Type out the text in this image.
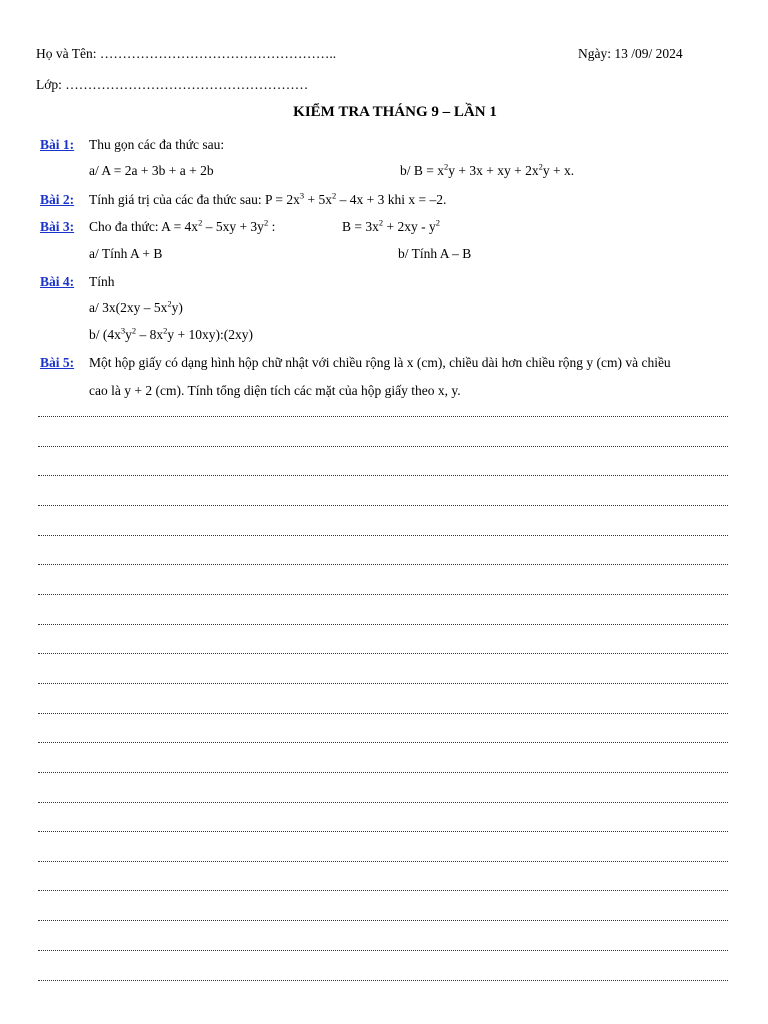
Họ và Tên: ……………………………………………..	Ngày: 13 /09/ 2024
Lớp: ………………………………………………
KIỂM TRA THÁNG 9 – LẦN 1
Bài 1: Thu gọn các đa thức sau:
a/ A = 2a + 3b + a + 2b	b/ $B = x^2y + 3x$ + xy + $2x^2y + x$.
Bài 2: Tính giá trị của các đa thức sau: $P = 2x^3 + 5x^2 - 4x + 3$ khi x = –2.
Bài 3: Cho đa thức: $A = 4x^2 - 5xy + 3y^2$ :	$B = 3x^2 + 2xy - y^2$
a/ Tính A + B	b/ Tính A – B
Bài 4: Tính
a/ $3x(2xy - 5x^2y)$
b/ ($4x^3y^2 - 8x^2y$ + 10xy):(2xy)
Bài 5: Một hộp giấy có dạng hình hộp chữ nhật với chiều rộng là x (cm), chiều dài hơn chiều rộng y (cm) và chiều
cao là y + 2 (cm). Tính tổng diện tích các mặt của hộp giấy theo x, y.
